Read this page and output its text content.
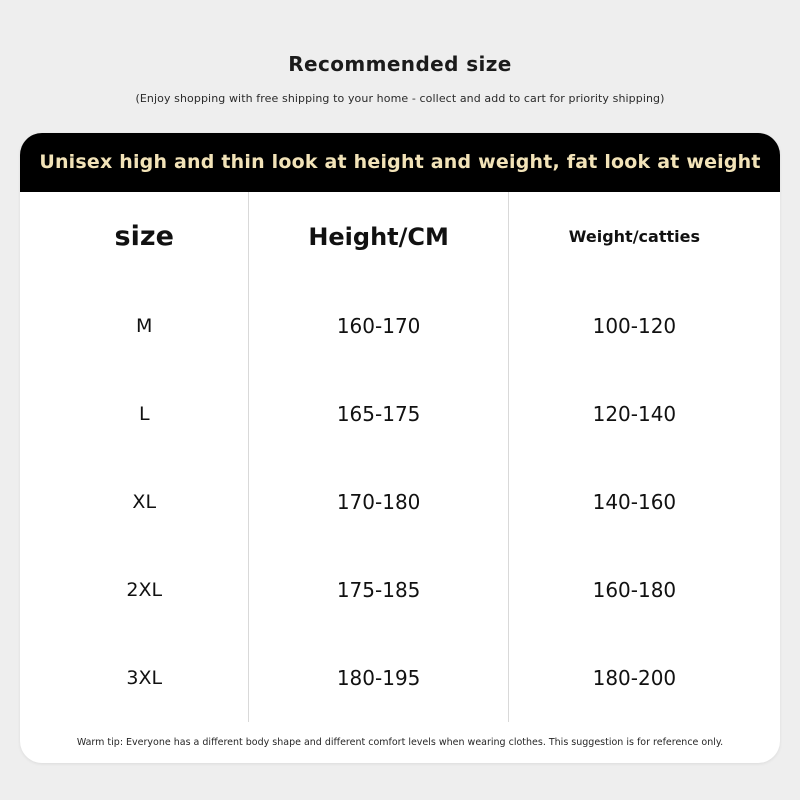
Recommended size
(Enjoy shopping with free shipping to your home - collect and add to cart for priority shipping)
Unisex high and thin look at height and weight, fat look at weight
size	Height/CM	Weight/catties
M	160-170	100-120
L	165-175	120-140
XL	170-180	140-160
2XL	175-185	160-180
3XL	180-195	180-200
Warm tip: Everyone has a different body shape and different comfort levels when wearing clothes. This suggestion is for reference only.
